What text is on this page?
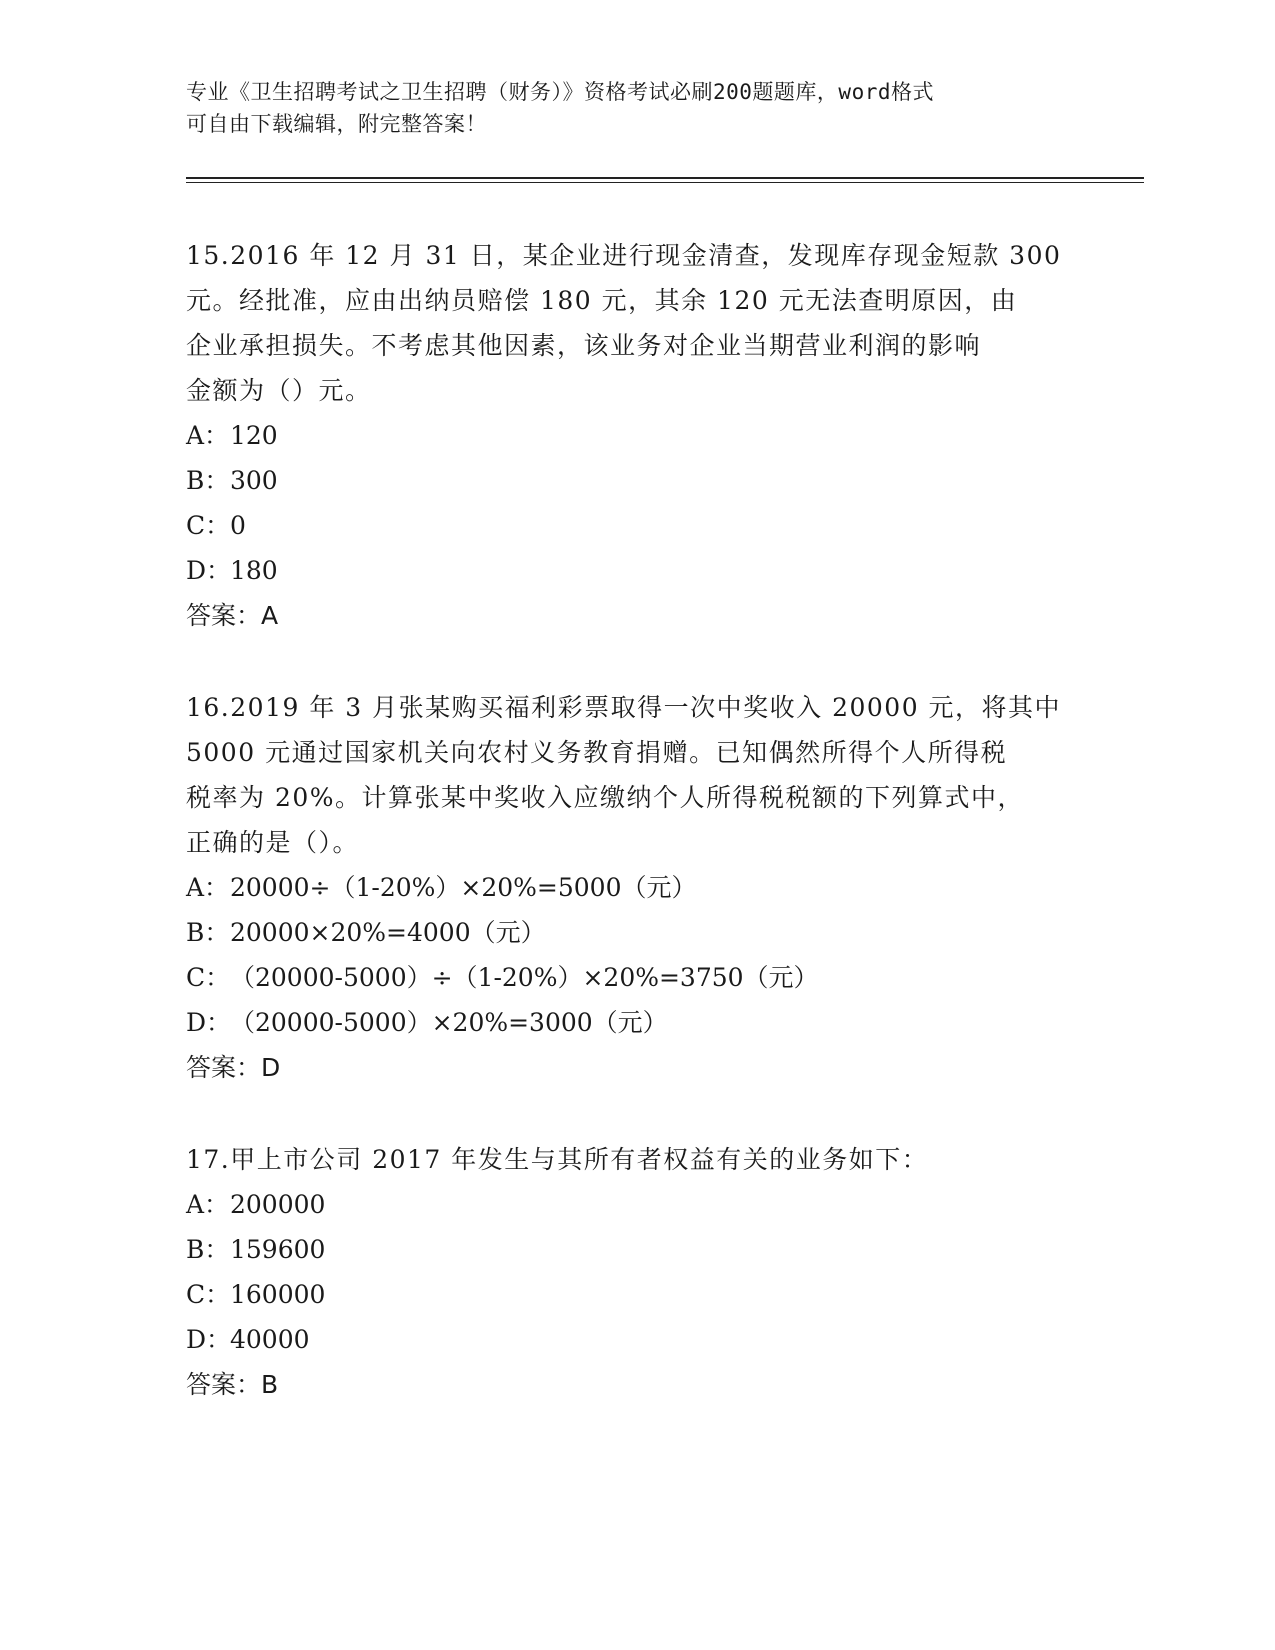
专业《卫生招聘考试之卫生招聘（财务）》资格考试必刷200题题库，word格式
可自由下载编辑，附完整答案！
15.2016 年 12 月 31 日，某企业进行现金清查，发现库存现金短款 300
元。经批准，应由出纳员赔偿 180 元，其余 120 元无法查明原因，由
企业承担损失。不考虑其他因素，该业务对企业当期营业利润的影响
金额为（）元。
A：120
B：300
C：0
D：180
答案：A
16.2019 年 3 月张某购买福利彩票取得一次中奖收入 20000 元，将其中
5000 元通过国家机关向农村义务教育捐赠。已知偶然所得个人所得税
税率为 20%。计算张某中奖收入应缴纳个人所得税税额的下列算式中，
正确的是（）。
A：20000÷（1-20%）×20%=5000（元）
B：20000×20%=4000（元）
C：（20000-5000）÷（1-20%）×20%=3750（元）
D：（20000-5000）×20%=3000（元）
答案：D
17.甲上市公司 2017 年发生与其所有者权益有关的业务如下：
A：200000
B：159600
C：160000
D：40000
答案：B
